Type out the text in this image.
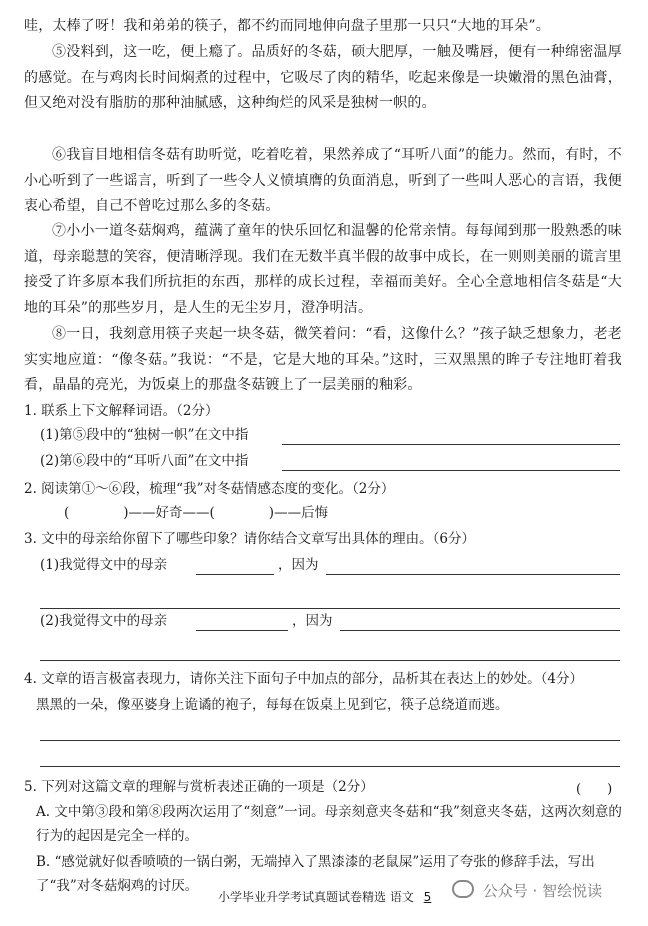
哇，太棒了呀！我和弟弟的筷子，都不约而同地伸向盘子里那一只只“大地的耳朵”。

⑤没料到，这一吃，便上瘾了。品质好的冬菇，硕大肥厚，一触及嘴唇，便有一种绵密温厚的感觉。在与鸡肉长时间焖煮的过程中，它吸尽了肉的精华，吃起来像是一块嫩滑的黑色油膏，但又绝对没有脂肪的那种油腻感，这种绚烂的风采是独树一帜的。

⑥我盲目地相信冬菇有助听觉，吃着吃着，果然养成了“耳听八面”的能力。然而，有时，不小心听到了一些谣言，听到了一些令人义愤填膺的负面消息，听到了一些叫人恶心的言语，我便衷心希望，自己不曾吃过那么多的冬菇。

⑦小小一道冬菇焖鸡，蕴满了童年的快乐回忆和温馨的伦常亲情。每每闻到那一股熟悉的味道，母亲聪慧的笑容，便清晰浮现。我们在无数半真半假的故事中成长，在一则则美丽的谎言里接受了许多原本我们所抗拒的东西，那样的成长过程，幸福而美好。全心全意地相信冬菇是“大地的耳朵”的那些岁月，是人生的无尘岁月，澄净明洁。

⑧一日，我刻意用筷子夹起一块冬菇，微笑着问：“看，这像什么？”孩子缺乏想象力，老老实实地应道：“像冬菇。”我说：“不是，它是大地的耳朵。”这时，三双黑黑的眸子专注地盯着我看，晶晶的亮光，为饭桌上的那盘冬菇镀上了一层美丽的釉彩。

1. 联系上下文解释词语。（2分）

(1)第⑤段中的“独树一帜”在文中指

(2)第⑥段中的“耳听八面”在文中指

2. 阅读第①～⑥段，梳理“我”对冬菇情感态度的变化。（2分）

(　　　　)——好奇——(　　　　)——后悔

3. 文中的母亲给你留下了哪些印象？请你结合文章写出具体的理由。（6分）

(1)我觉得文中的母亲	，因为

(2)我觉得文中的母亲	，因为

4. 文章的语言极富表现力，请你关注下面句子中加点的部分，品析其在表达上的妙处。（4分）

黑黑的一朵，像巫婆身上诡谲的袍子，每每在饭桌上见到它，筷子总绕道而逃。

5. 下列对这篇文章的理解与赏析表述正确的一项是（2分）	(　　)

A. 文中第③段和第⑧段两次运用了“刻意”一词。母亲刻意夹冬菇和“我”刻意夹冬菇，这两次刻意的行为的起因是完全一样的。

B. “感觉就好似香喷喷的一锅白粥，无端掉入了黑漆漆的老鼠屎”运用了夸张的修辞手法，写出了“我”对冬菇焖鸡的讨厌。

小学毕业升学考试真题试卷精选 语文 5	公众号 · 智绘悦读
